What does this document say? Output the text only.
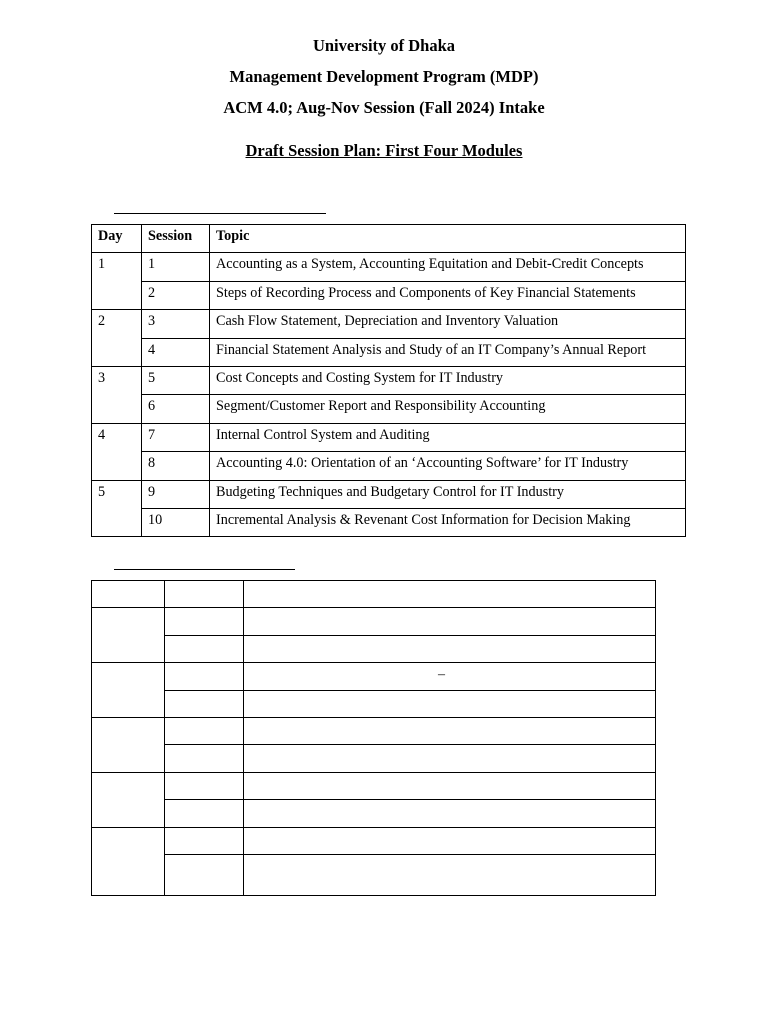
University of Dhaka
Management Development Program (MDP)
ACM 4.0; Aug-Nov Session (Fall 2024) Intake
Draft Session Plan: First Four Modules
Day	Session	Topic
1	1	Accounting as a System, Accounting Equitation and Debit-Credit Concepts
	2	Steps of Recording Process and Components of Key Financial Statements
2	3	Cash Flow Statement, Depreciation and Inventory Valuation
	4	Financial Statement Analysis and Study of an IT Company’s Annual Report
3	5	Cost Concepts and Costing System for IT Industry
	6	Segment/Customer Report and Responsibility Accounting
4	7	Internal Control System and Auditing
	8	Accounting 4.0: Orientation of an ‘Accounting Software’ for IT Industry
5	9	Budgeting Techniques and Budgetary Control for IT Industry
	10	Incremental Analysis & Revenant Cost Information for Decision Making

		–
